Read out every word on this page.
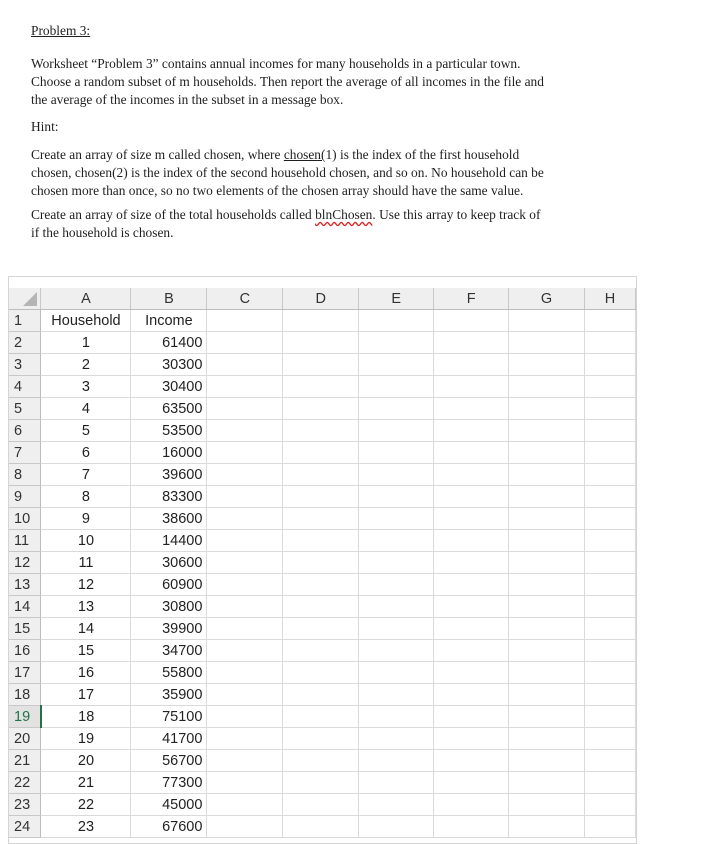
Problem 3:

Worksheet “Problem 3” contains annual incomes for many households in a particular town.

Choose a random subset of m households. Then report the average of all incomes in the file and

the average of the incomes in the subset in a message box.

Hint:

Create an array of size m called chosen, where chosen(1) is the index of the first household

chosen, chosen(2) is the index of the second household chosen, and so on. No household can be

chosen more than once, so no two elements of the chosen array should have the same value.

Create an array of size of the total households called blnChosen. Use this array to keep track of

if the household is chosen.

	A	B	C	D	E	F	G	H
1	Household	Income						
2	1	61400						
3	2	30300						
4	3	30400						
5	4	63500						
6	5	53500						
7	6	16000						
8	7	39600						
9	8	83300						
10	9	38600						
11	10	14400						
12	11	30600						
13	12	60900						
14	13	30800						
15	14	39900						
16	15	34700						
17	16	55800						
18	17	35900						
19	18	75100						
20	19	41700						
21	20	56700						
22	21	77300						
23	22	45000						
24	23	67600						
